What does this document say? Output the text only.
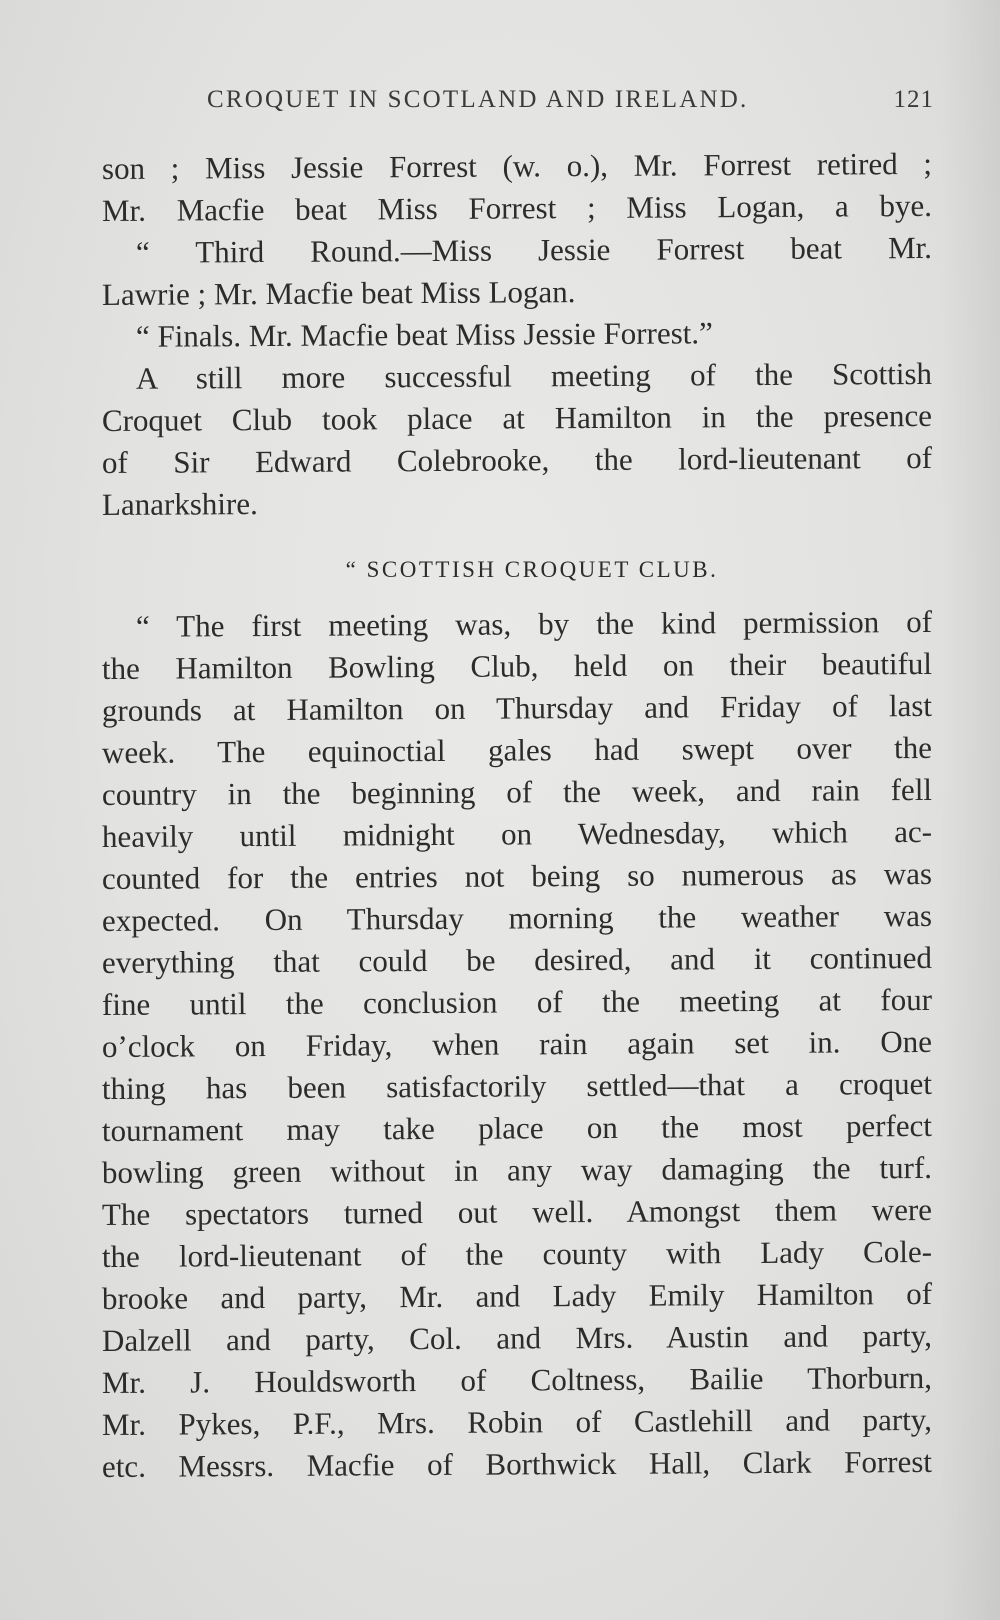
CROQUET IN SCOTLAND AND IRELAND.	121
son ; Miss Jessie Forrest (w. o.), Mr. Forrest retired ;
Mr. Macfie beat Miss Forrest ; Miss Logan, a bye.
“ Third Round.—Miss Jessie Forrest beat Mr.
Lawrie ; Mr. Macfie beat Miss Logan.
“ Finals. Mr. Macfie beat Miss Jessie Forrest.”
A still more successful meeting of the Scottish
Croquet Club took place at Hamilton in the presence
of Sir Edward Colebrooke, the lord-lieutenant of
Lanarkshire.
“ SCOTTISH CROQUET CLUB.
“ The first meeting was, by the kind permission of
the Hamilton Bowling Club, held on their beautiful
grounds at Hamilton on Thursday and Friday of last
week. The equinoctial gales had swept over the
country in the beginning of the week, and rain fell
heavily until midnight on Wednesday, which ac-
counted for the entries not being so numerous as was
expected. On Thursday morning the weather was
everything that could be desired, and it continued
fine until the conclusion of the meeting at four
o’clock on Friday, when rain again set in. One
thing has been satisfactorily settled—that a croquet
tournament may take place on the most perfect
bowling green without in any way damaging the turf.
The spectators turned out well. Amongst them were
the lord-lieutenant of the county with Lady Cole-
brooke and party, Mr. and Lady Emily Hamilton of
Dalzell and party, Col. and Mrs. Austin and party,
Mr. J. Houldsworth of Coltness, Bailie Thorburn,
Mr. Pykes, P.F., Mrs. Robin of Castlehill and party,
etc. Messrs. Macfie of Borthwick Hall, Clark Forrest
